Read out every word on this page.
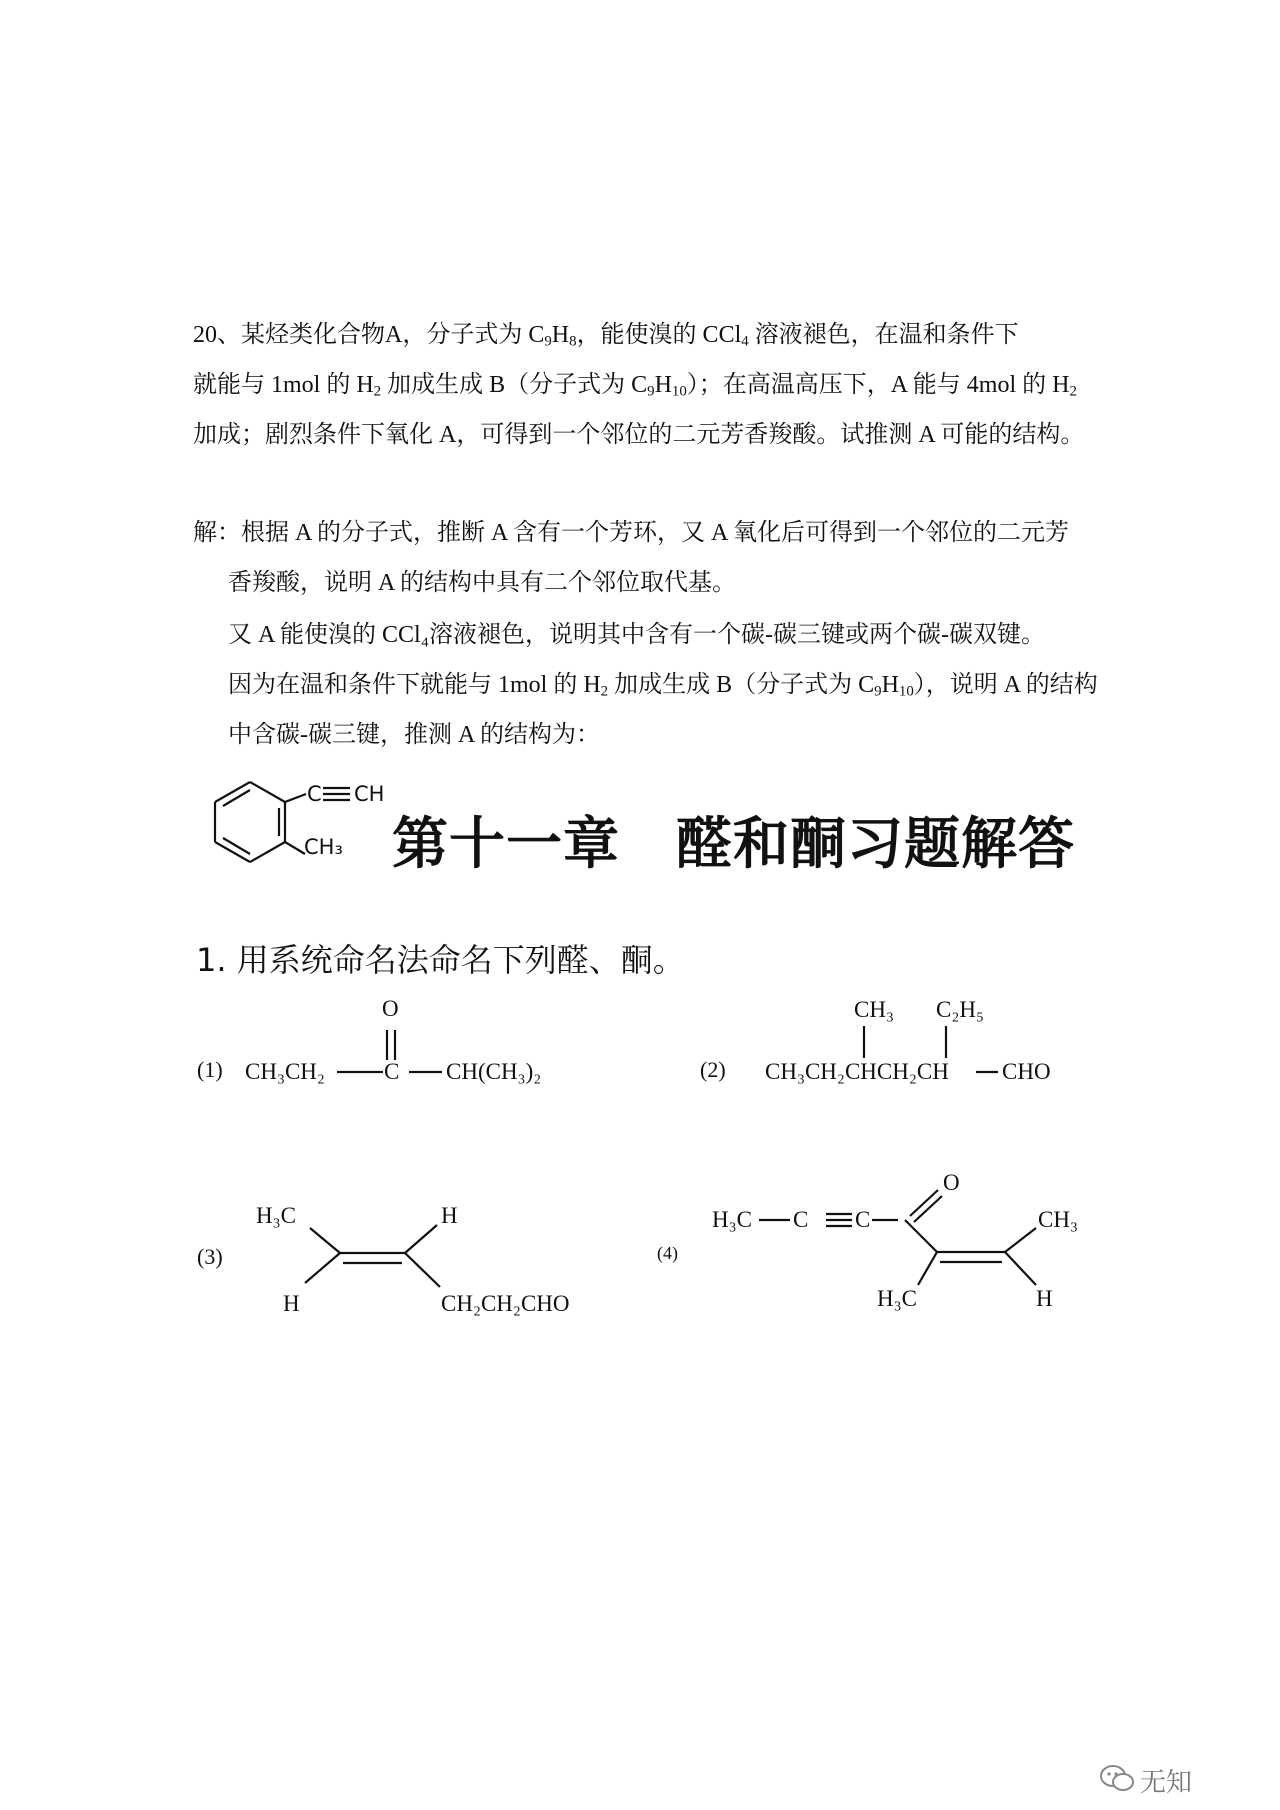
20、某烃类化合物A，分子式为 $C_9H_8$，能使溴的 CCl$_4$ 溶液褪色，在温和条件下
就能与 1mol 的 $H_2$ 加成生成 B（分子式为 $C_9H_{10}$）；在高温高压下，A 能与 4mol 的 $H_2$ 加成；剧烈条件下氧化 A，可得到一个邻位的二元芳香羧酸。试推测 A 可能的结构。

解：根据 A 的分子式，推断 A 含有一个芳环，又 A 氧化后可得到一个邻位的二元芳香羧酸，说明 A 的结构中具有二个邻位取代基。

又 A 能使溴的 CCl₄溶液褪色，说明其中含有一个碳-碳三键或两个碳-碳双键。

因为在温和条件下就能与 1mol 的 $H_2$ 加成生成 B（分子式为 $C_9H_{10}$），说明 A 的结构中含碳-碳三键，推测 A 的结构为：

C CH
CH₃ 第十一章 醛和酮习题解答
1. 用系统命名法命名下列醛、酮。
(1)
O
CH₃CH₂	C CH(CH₃)₂	(2)
CH₃ C₂H₅
CH₃CH₂CHCH₂CH CHO
(3)
H₃C	H
H	CH₂CH₂CHO
(4)
H₃C C C
O
CH₃
H₃C	H
无知
